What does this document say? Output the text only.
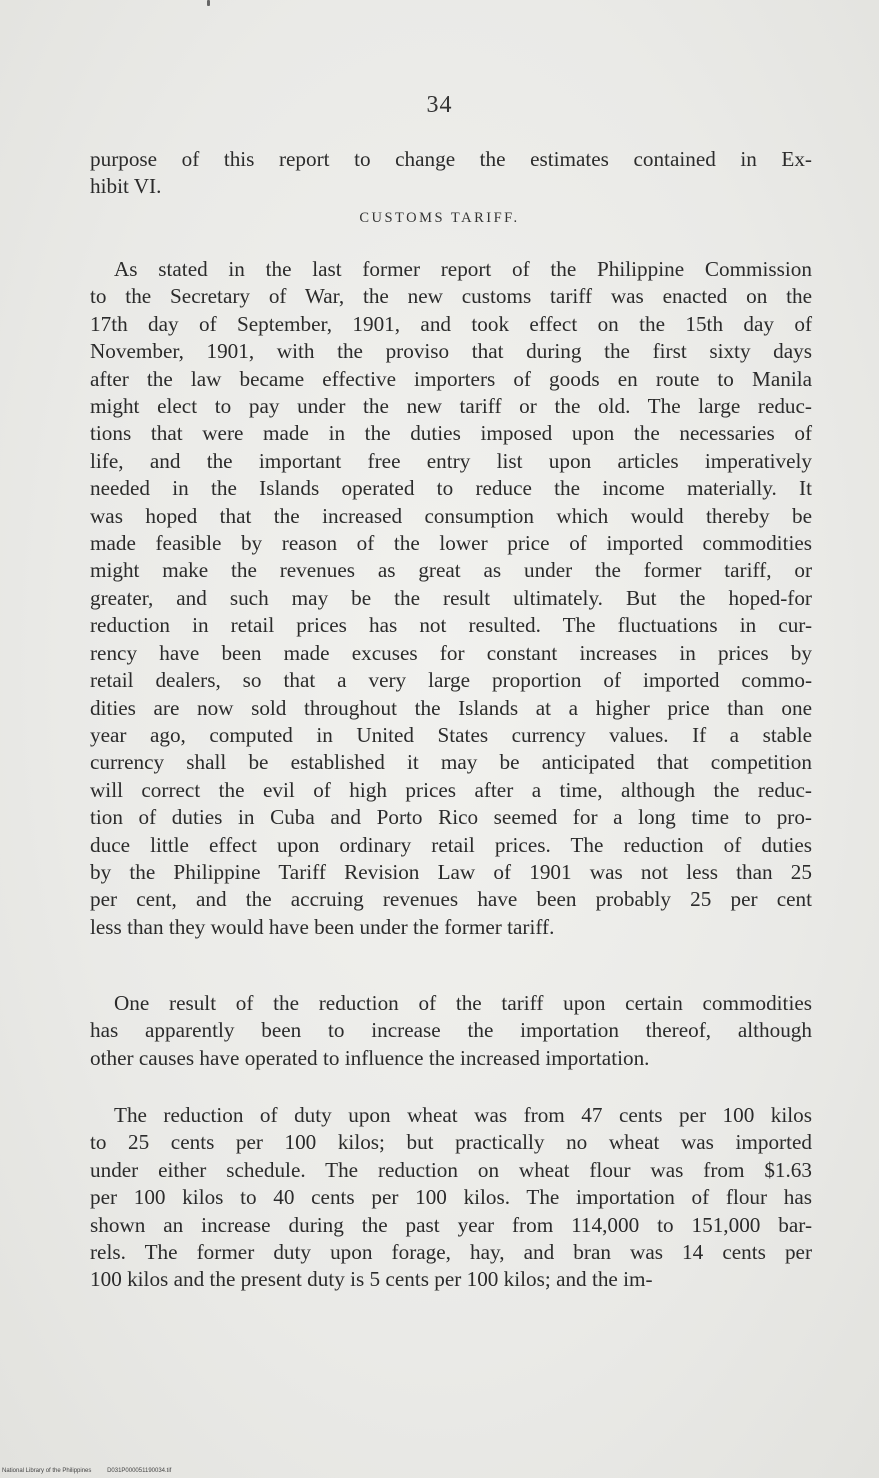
34
purpose of this report to change the estimates contained in Ex-
hibit VI.
CUSTOMS TARIFF.
As stated in the last former report of the Philippine Commission
to the Secretary of War, the new customs tariff was enacted on the
17th day of September, 1901, and took effect on the 15th day of
November, 1901, with the proviso that during the first sixty days
after the law became effective importers of goods en route to Manila
might elect to pay under the new tariff or the old. The large reduc-
tions that were made in the duties imposed upon the necessaries of
life, and the important free entry list upon articles imperatively
needed in the Islands operated to reduce the income materially. It
was hoped that the increased consumption which would thereby be
made feasible by reason of the lower price of imported commodities
might make the revenues as great as under the former tariff, or
greater, and such may be the result ultimately. But the hoped-for
reduction in retail prices has not resulted. The fluctuations in cur-
rency have been made excuses for constant increases in prices by
retail dealers, so that a very large proportion of imported commo-
dities are now sold throughout the Islands at a higher price than one
year ago, computed in United States currency values. If a stable
currency shall be established it may be anticipated that competition
will correct the evil of high prices after a time, although the reduc-
tion of duties in Cuba and Porto Rico seemed for a long time to pro-
duce little effect upon ordinary retail prices. The reduction of duties
by the Philippine Tariff Revision Law of 1901 was not less than 25
per cent, and the accruing revenues have been probably 25 per cent
less than they would have been under the former tariff.
One result of the reduction of the tariff upon certain commodities
has apparently been to increase the importation thereof, although
other causes have operated to influence the increased importation.
The reduction of duty upon wheat was from 47 cents per 100 kilos
to 25 cents per 100 kilos; but practically no wheat was imported
under either schedule. The reduction on wheat flour was from $1.63
per 100 kilos to 40 cents per 100 kilos. The importation of flour has
shown an increase during the past year from 114,000 to 151,000 bar-
rels. The former duty upon forage, hay, and bran was 14 cents per
100 kilos and the present duty is 5 cents per 100 kilos; and the im-
National Library of the Philippines	D031P000051190034.tif
